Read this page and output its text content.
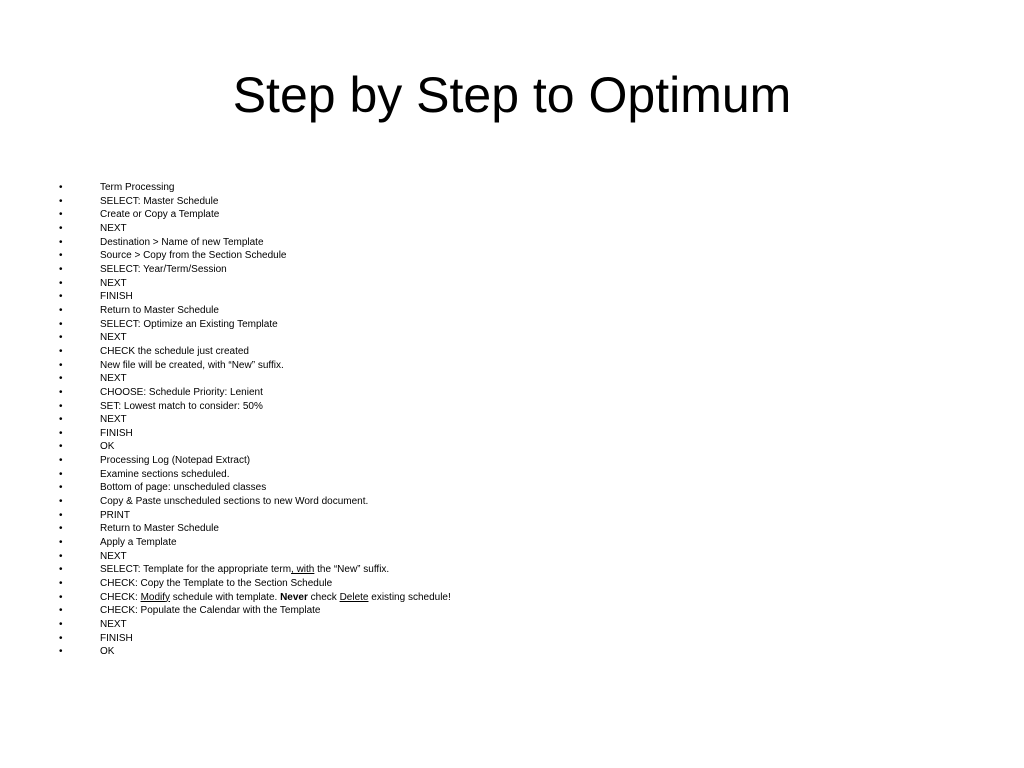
Step by Step to Optimum
•	Term Processing
•	SELECT: Master Schedule
•	Create or Copy a Template
•	NEXT
•	Destination > Name of new Template
•	Source > Copy from the Section Schedule
•	SELECT: Year/Term/Session
•	NEXT
•	FINISH
•	Return to Master Schedule
•	SELECT: Optimize an Existing Template
•	NEXT
•	CHECK the schedule just created
•	New file will be created, with “New” suffix.
•	NEXT
•	CHOOSE: Schedule Priority: Lenient
•	SET: Lowest match to consider: 50%
•	NEXT
•	FINISH
•	OK
•	Processing Log (Notepad Extract)
•	Examine sections scheduled.
•	Bottom of page: unscheduled classes
•	Copy & Paste unscheduled sections to new Word document.
•	PRINT
•	Return to Master Schedule
•	Apply a Template
•	NEXT
•	SELECT: Template for the appropriate term, with the “New” suffix.
•	CHECK: Copy the Template to the Section Schedule
•	CHECK: Modify schedule with template. Never check Delete existing schedule!
•	CHECK: Populate the Calendar with the Template
•	NEXT
•	FINISH
•	OK
